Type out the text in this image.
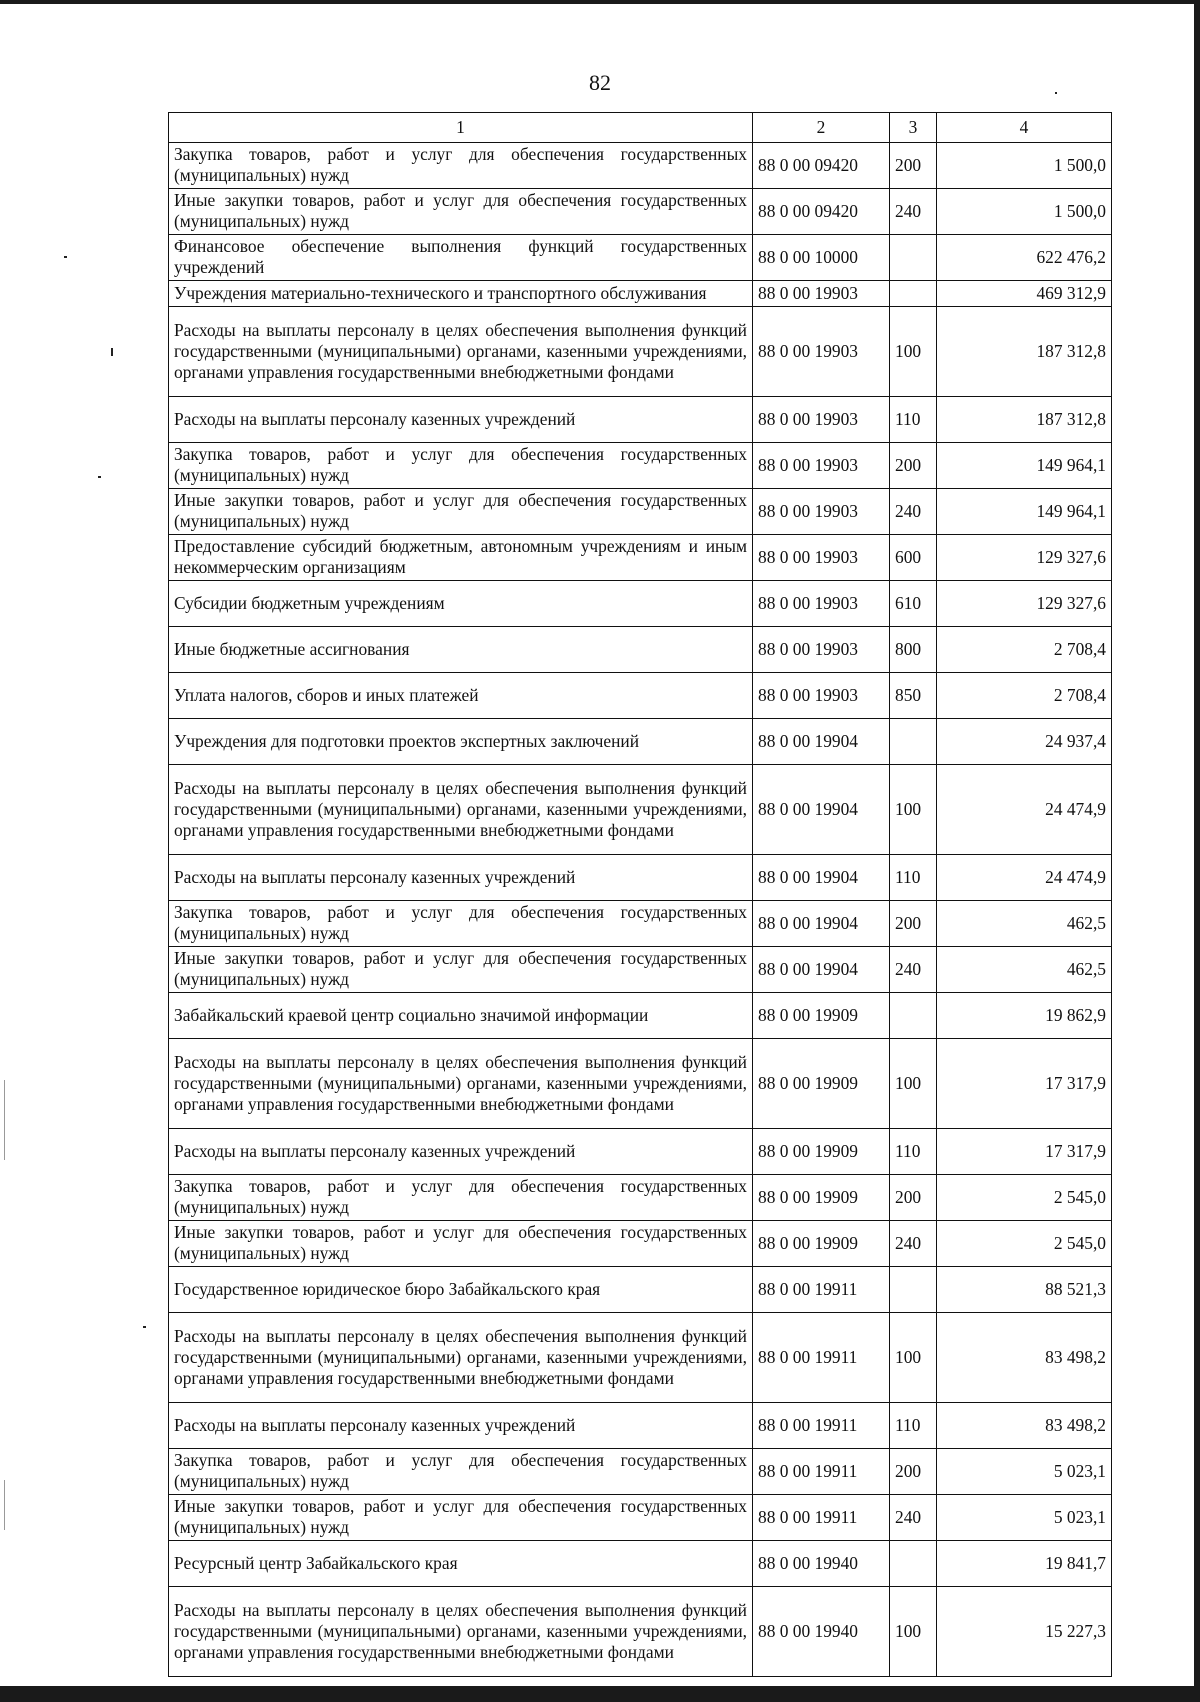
82
1	2	3	4
Закупка товаров, работ и услуг для обеспечения государственных (муниципальных) нужд	88 0 00 09420	200	1 500,0
Иные закупки товаров, работ и услуг для обеспечения государственных (муниципальных) нужд	88 0 00 09420	240	1 500,0
Финансовое обеспечение выполнения функций государственных учреждений	88 0 00 10000		622 476,2
Учреждения материально-технического и транспортного обслуживания	88 0 00 19903		469 312,9
Расходы на выплаты персоналу в целях обеспечения выполнения функций государственными (муниципальными) органами, казенными учреждениями, органами управления государственными внебюджетными фондами	88 0 00 19903	100	187 312,8
Расходы на выплаты персоналу казенных учреждений	88 0 00 19903	110	187 312,8
Закупка товаров, работ и услуг для обеспечения государственных (муниципальных) нужд	88 0 00 19903	200	149 964,1
Иные закупки товаров, работ и услуг для обеспечения государственных (муниципальных) нужд	88 0 00 19903	240	149 964,1
Предоставление субсидий бюджетным, автономным учреждениям и иным некоммерческим организациям	88 0 00 19903	600	129 327,6
Субсидии бюджетным учреждениям	88 0 00 19903	610	129 327,6
Иные бюджетные ассигнования	88 0 00 19903	800	2 708,4
Уплата налогов, сборов и иных платежей	88 0 00 19903	850	2 708,4
Учреждения для подготовки проектов экспертных заключений	88 0 00 19904		24 937,4
Расходы на выплаты персоналу в целях обеспечения выполнения функций государственными (муниципальными) органами, казенными учреждениями, органами управления государственными внебюджетными фондами	88 0 00 19904	100	24 474,9
Расходы на выплаты персоналу казенных учреждений	88 0 00 19904	110	24 474,9
Закупка товаров, работ и услуг для обеспечения государственных (муниципальных) нужд	88 0 00 19904	200	462,5
Иные закупки товаров, работ и услуг для обеспечения государственных (муниципальных) нужд	88 0 00 19904	240	462,5
Забайкальский краевой центр социально значимой информации	88 0 00 19909		19 862,9
Расходы на выплаты персоналу в целях обеспечения выполнения функций государственными (муниципальными) органами, казенными учреждениями, органами управления государственными внебюджетными фондами	88 0 00 19909	100	17 317,9
Расходы на выплаты персоналу казенных учреждений	88 0 00 19909	110	17 317,9
Закупка товаров, работ и услуг для обеспечения государственных (муниципальных) нужд	88 0 00 19909	200	2 545,0
Иные закупки товаров, работ и услуг для обеспечения государственных (муниципальных) нужд	88 0 00 19909	240	2 545,0
Государственное юридическое бюро Забайкальского края	88 0 00 19911		88 521,3
Расходы на выплаты персоналу в целях обеспечения выполнения функций государственными (муниципальными) органами, казенными учреждениями, органами управления государственными внебюджетными фондами	88 0 00 19911	100	83 498,2
Расходы на выплаты персоналу казенных учреждений	88 0 00 19911	110	83 498,2
Закупка товаров, работ и услуг для обеспечения государственных (муниципальных) нужд	88 0 00 19911	200	5 023,1
Иные закупки товаров, работ и услуг для обеспечения государственных (муниципальных) нужд	88 0 00 19911	240	5 023,1
Ресурсный центр Забайкальского края	88 0 00 19940		19 841,7
Расходы на выплаты персоналу в целях обеспечения выполнения функций государственными (муниципальными) органами, казенными учреждениями, органами управления государственными внебюджетными фондами	88 0 00 19940	100	15 227,3
